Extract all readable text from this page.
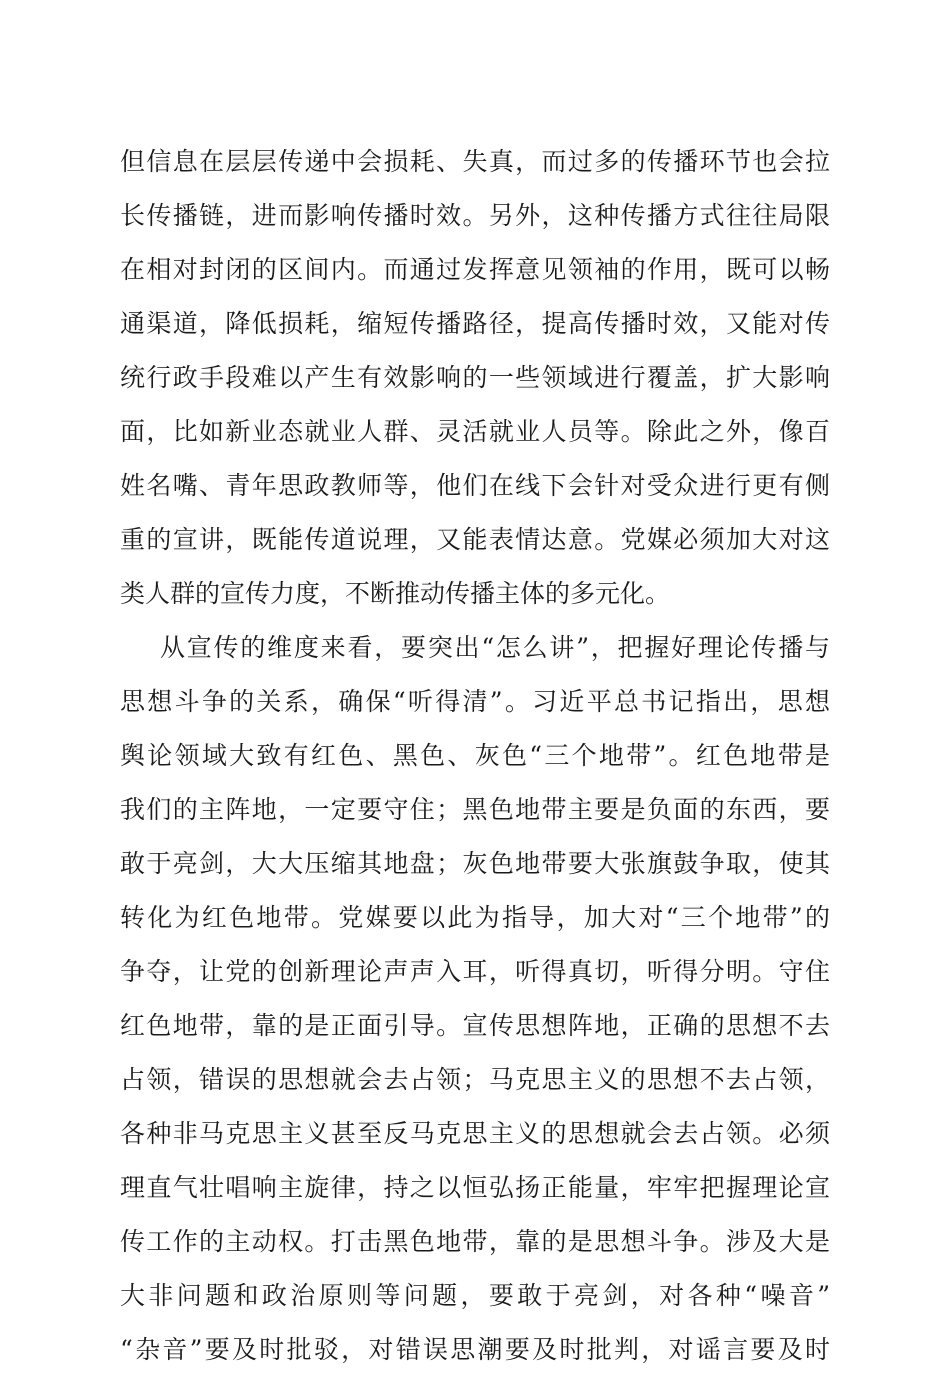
但信息在层层传递中会损耗、失真，而过多的传播环节也会拉
长传播链，进而影响传播时效。另外，这种传播方式往往局限
在相对封闭的区间内。而通过发挥意见领袖的作用，既可以畅
通渠道，降低损耗，缩短传播路径，提高传播时效，又能对传
统行政手段难以产生有效影响的一些领域进行覆盖，扩大影响
面，比如新业态就业人群、灵活就业人员等。除此之外，像百
姓名嘴、青年思政教师等，他们在线下会针对受众进行更有侧
重的宣讲，既能传道说理，又能表情达意。党媒必须加大对这
类人群的宣传力度，不断推动传播主体的多元化。
从宣传的维度来看，要突出“怎么讲”，把握好理论传播与
思想斗争的关系，确保“听得清”。习近平总书记指出，思想
舆论领域大致有红色、黑色、灰色“三个地带”。红色地带是
我们的主阵地，一定要守住；黑色地带主要是负面的东西，要
敢于亮剑，大大压缩其地盘；灰色地带要大张旗鼓争取，使其
转化为红色地带。党媒要以此为指导，加大对“三个地带”的
争夺，让党的创新理论声声入耳，听得真切，听得分明。守住
红色地带，靠的是正面引导。宣传思想阵地，正确的思想不去
占领，错误的思想就会去占领；马克思主义的思想不去占领，
各种非马克思主义甚至反马克思主义的思想就会去占领。必须
理直气壮唱响主旋律，持之以恒弘扬正能量，牢牢把握理论宣
传工作的主动权。打击黑色地带，靠的是思想斗争。涉及大是
大非问题和政治原则等问题，要敢于亮剑，对各种“噪音”
“杂音”要及时批驳，对错误思潮要及时批判，对谣言要及时
